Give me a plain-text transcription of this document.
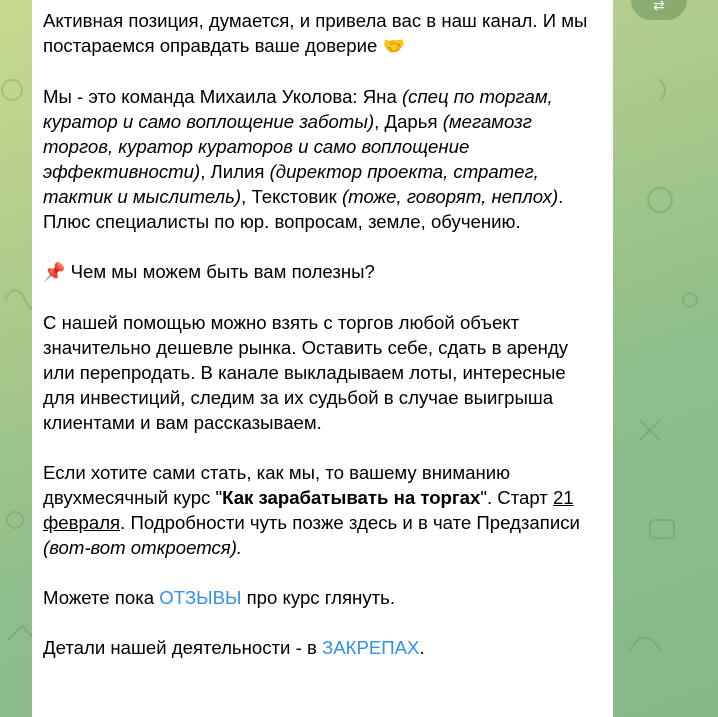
⇄

Активная позиция, думается, и привела вас в наш канал. И мы постараемся оправдать ваше доверие 🤝

Мы - это команда Михаила Уколова: Яна (спец по торгам, куратор и само воплощение заботы), Дарья (мегамозг торгов, куратор кураторов и само воплощение эффективности), Лилия (директор проекта, стратег, тактик и мыслитель), Текстовик (тоже, говорят, неплох). Плюс специалисты по юр. вопросам, земле, обучению.

📌 Чем мы можем быть вам полезны?

С нашей помощью можно взять с торгов любой объект значительно дешевле рынка. Оставить себе, сдать в аренду или перепродать. В канале выкладываем лоты, интересные для инвестиций, следим за их судьбой в случае выигрыша клиентами и вам рассказываем.

Если хотите сами стать, как мы, то вашему вниманию двухмесячный курс "Как зарабатывать на торгах". Старт 21 февраля. Подробности чуть позже здесь и в чате Предзаписи (вот-вот откроется).

Можете пока ОТЗЫВЫ про курс глянуть.

Детали нашей деятельности - в ЗАКРЕПАХ.
